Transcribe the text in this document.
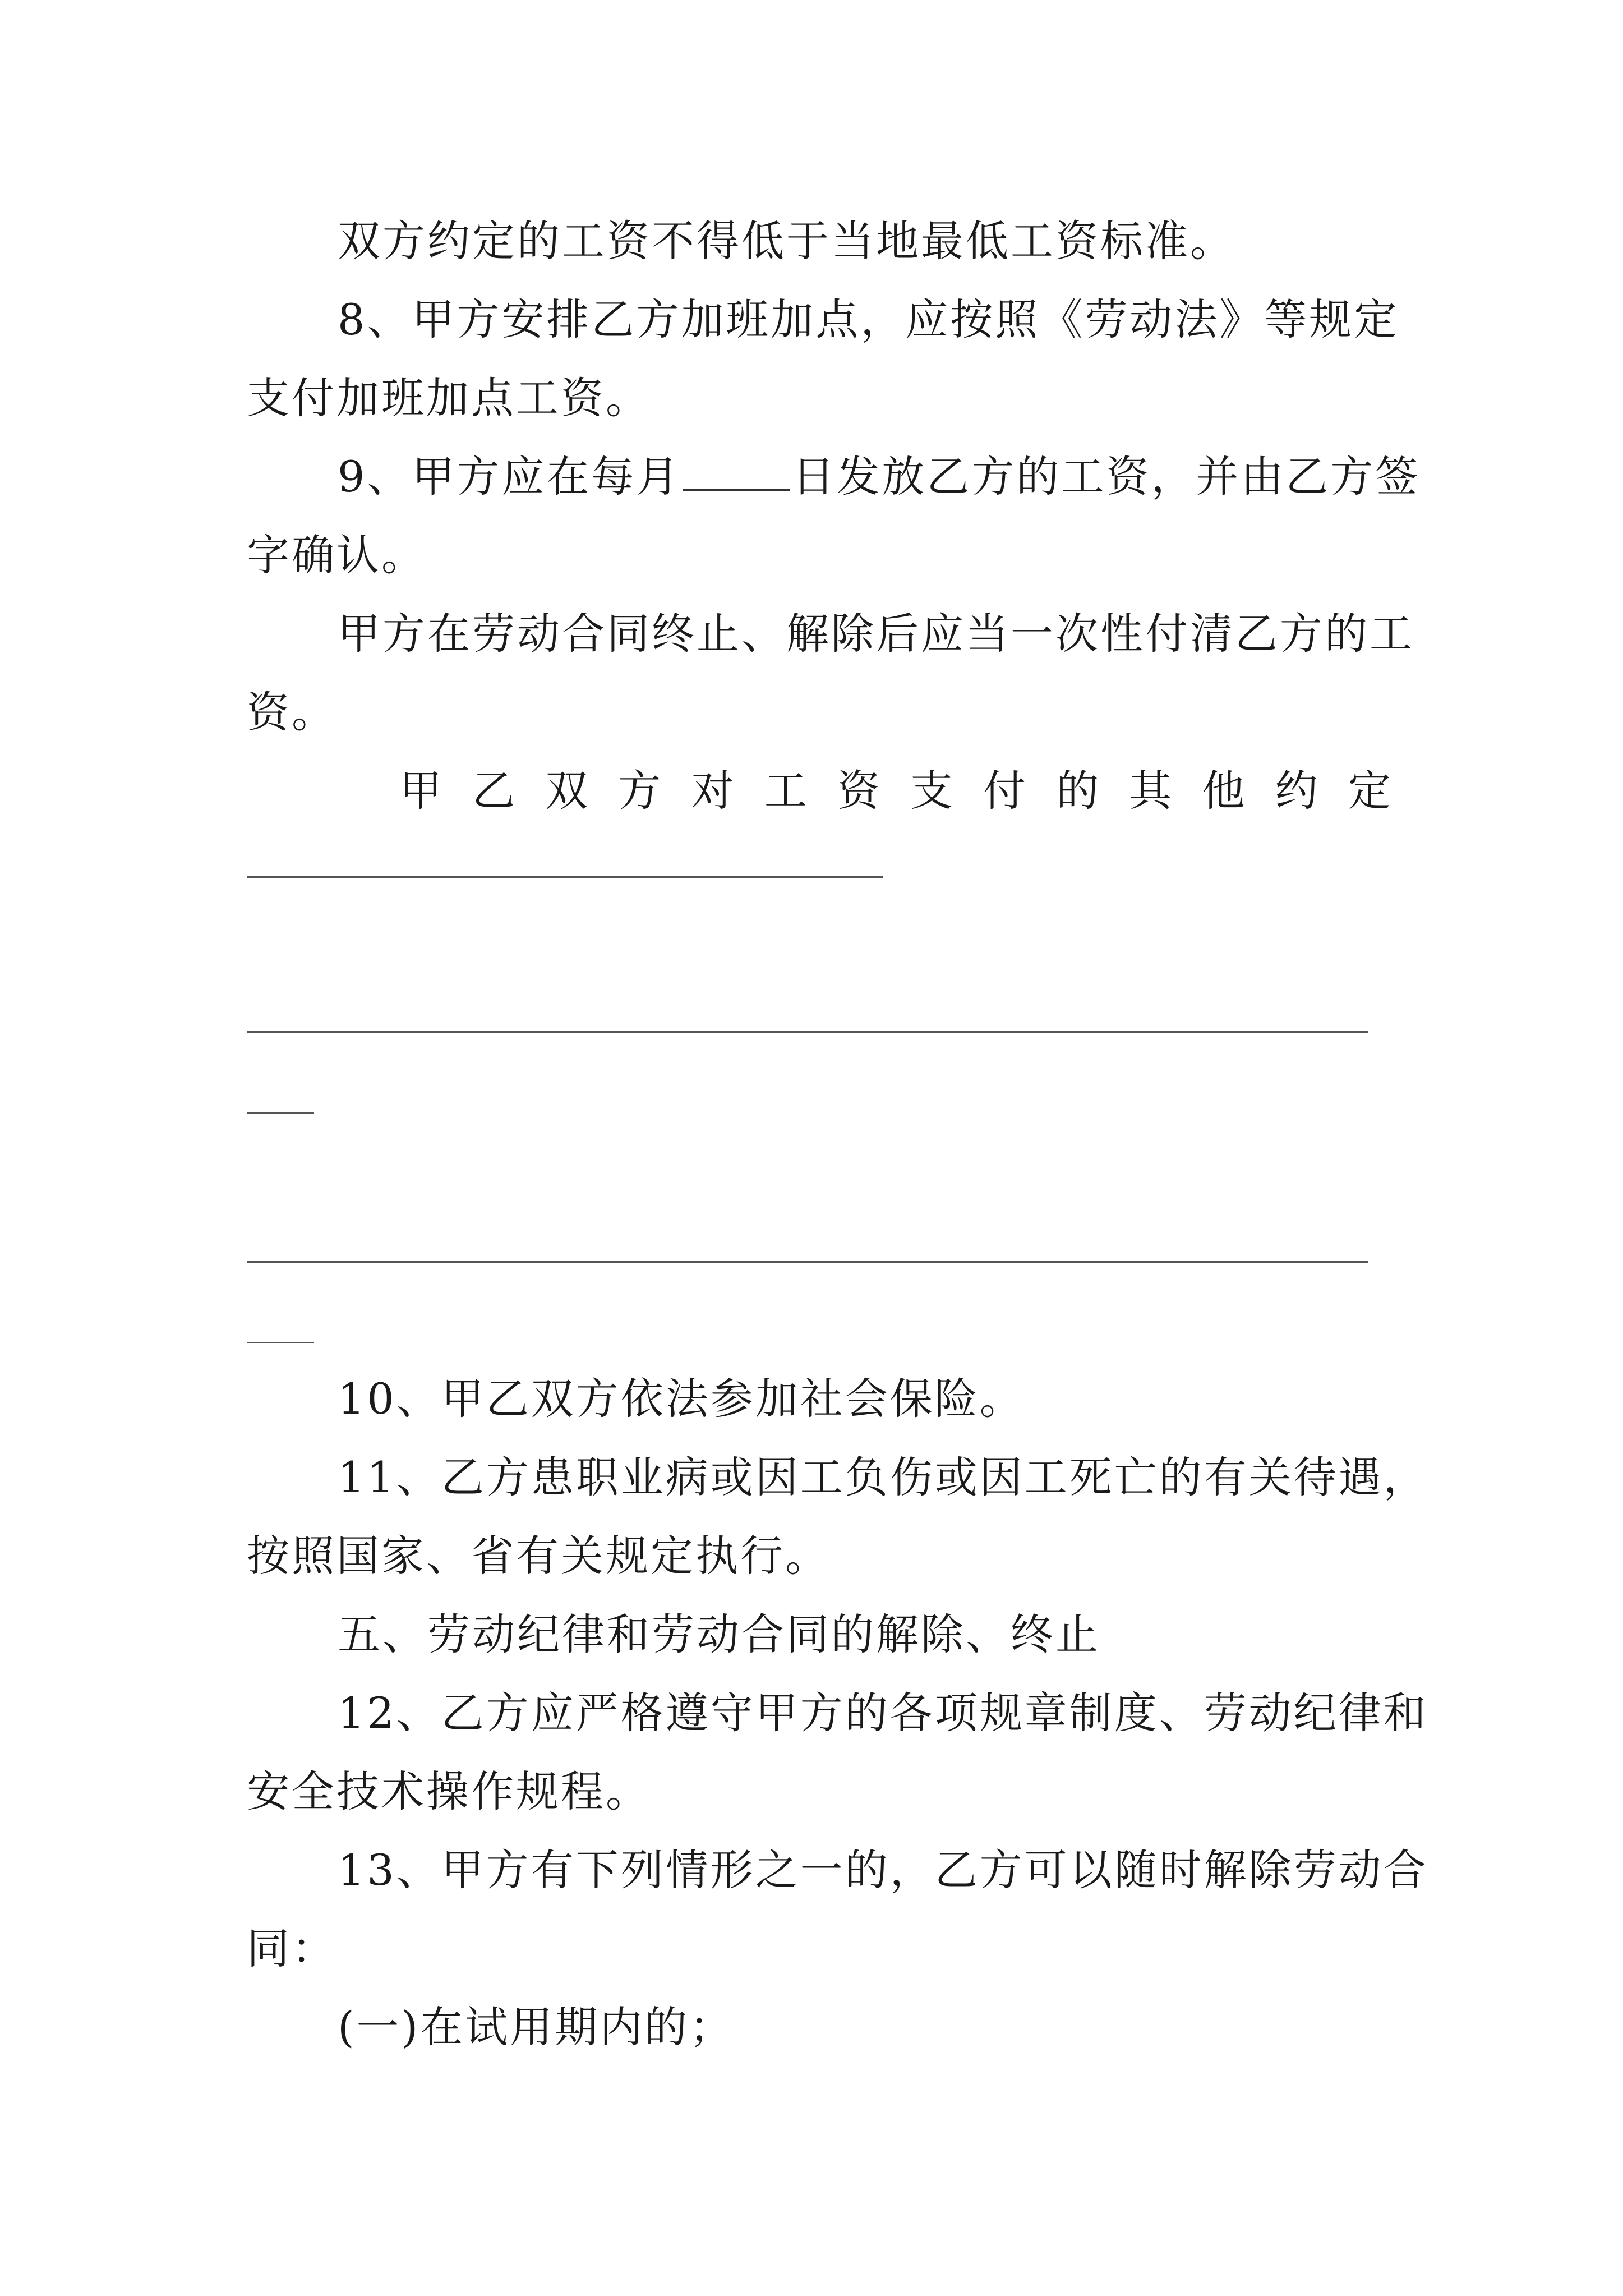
双方约定的工资不得低于当地最低工资标准。
8、甲方安排乙方加班加点，应按照《劳动法》等规定
支付加班加点工资。
9、甲方应在每月	日发放乙方的工资，并由乙方签
字确认。
甲方在劳动合同终止、解除后应当一次性付清乙方的工
资。
甲 乙 双 方 对 工 资 支 付 的 其 他 约 定
10、甲乙双方依法参加社会保险。
11、乙方患职业病或因工负伤或因工死亡的有关待遇，
按照国家、省有关规定执行。
五、劳动纪律和劳动合同的解除、终止
12、乙方应严格遵守甲方的各项规章制度、劳动纪律和
安全技术操作规程。
13、甲方有下列情形之一的，乙方可以随时解除劳动合
同：
(一)在试用期内的；
